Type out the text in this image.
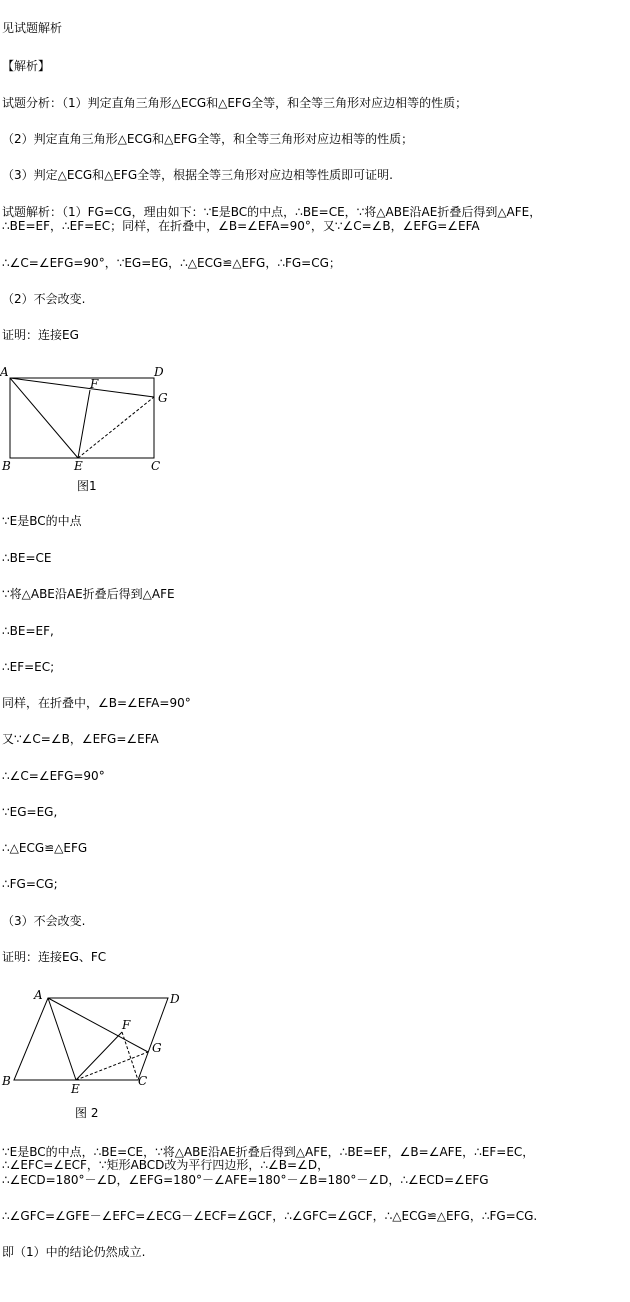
见试题解析
【解析】
试题分析：（1）判定直角三角形△ECG和△EFG全等，和全等三角形对应边相等的性质；
（2）判定直角三角形△ECG和△EFG全等，和全等三角形对应边相等的性质；
（3）判定△ECG和△EFG全等，根据全等三角形对应边相等性质即可证明.
试题解析：（1）FG=CG，理由如下：∵E是BC的中点，∴BE=CE，∵将△ABE沿AE折叠后得到△AFE，
∴BE=EF，∴EF=EC；同样，在折叠中，∠B=∠EFA=90°，又∵∠C=∠B，∠EFG=∠EFA
∴∠C=∠EFG=90°，∵EG=EG，∴△ECG≌△EFG，∴FG=CG；
（2）不会改变.
证明：连接EG
A	D
F
G
B	E	C
图1
∵E是BC的中点
∴BE=CE
∵将△ABE沿AE折叠后得到△AFE
∴BE=EF,
∴EF=EC;
同样，在折叠中，∠B=∠EFA=90°
又∵∠C=∠B，∠EFG=∠EFA
∴∠C=∠EFG=90°
∵EG=EG,
∴△ECG≌△EFG
∴FG=CG;
（3）不会改变.
证明：连接EG、FC
A	D
F
G
B
E
C
图 2
∵E是BC的中点，∴BE=CE，∵将△ABE沿AE折叠后得到△AFE，∴BE=EF，∠B=∠AFE，∴EF=EC，
∴∠EFC=∠ECF，∵矩形ABCD改为平行四边形，∴∠B=∠D，
∴∠ECD=180°－∠D，∠EFG=180°－∠AFE=180°－∠B=180°－∠D，∴∠ECD=∠EFG
∴∠GFC=∠GFE－∠EFC=∠ECG－∠ECF=∠GCF，∴∠GFC=∠GCF，∴△ECG≌△EFG，∴FG=CG.
即（1）中的结论仍然成立.
